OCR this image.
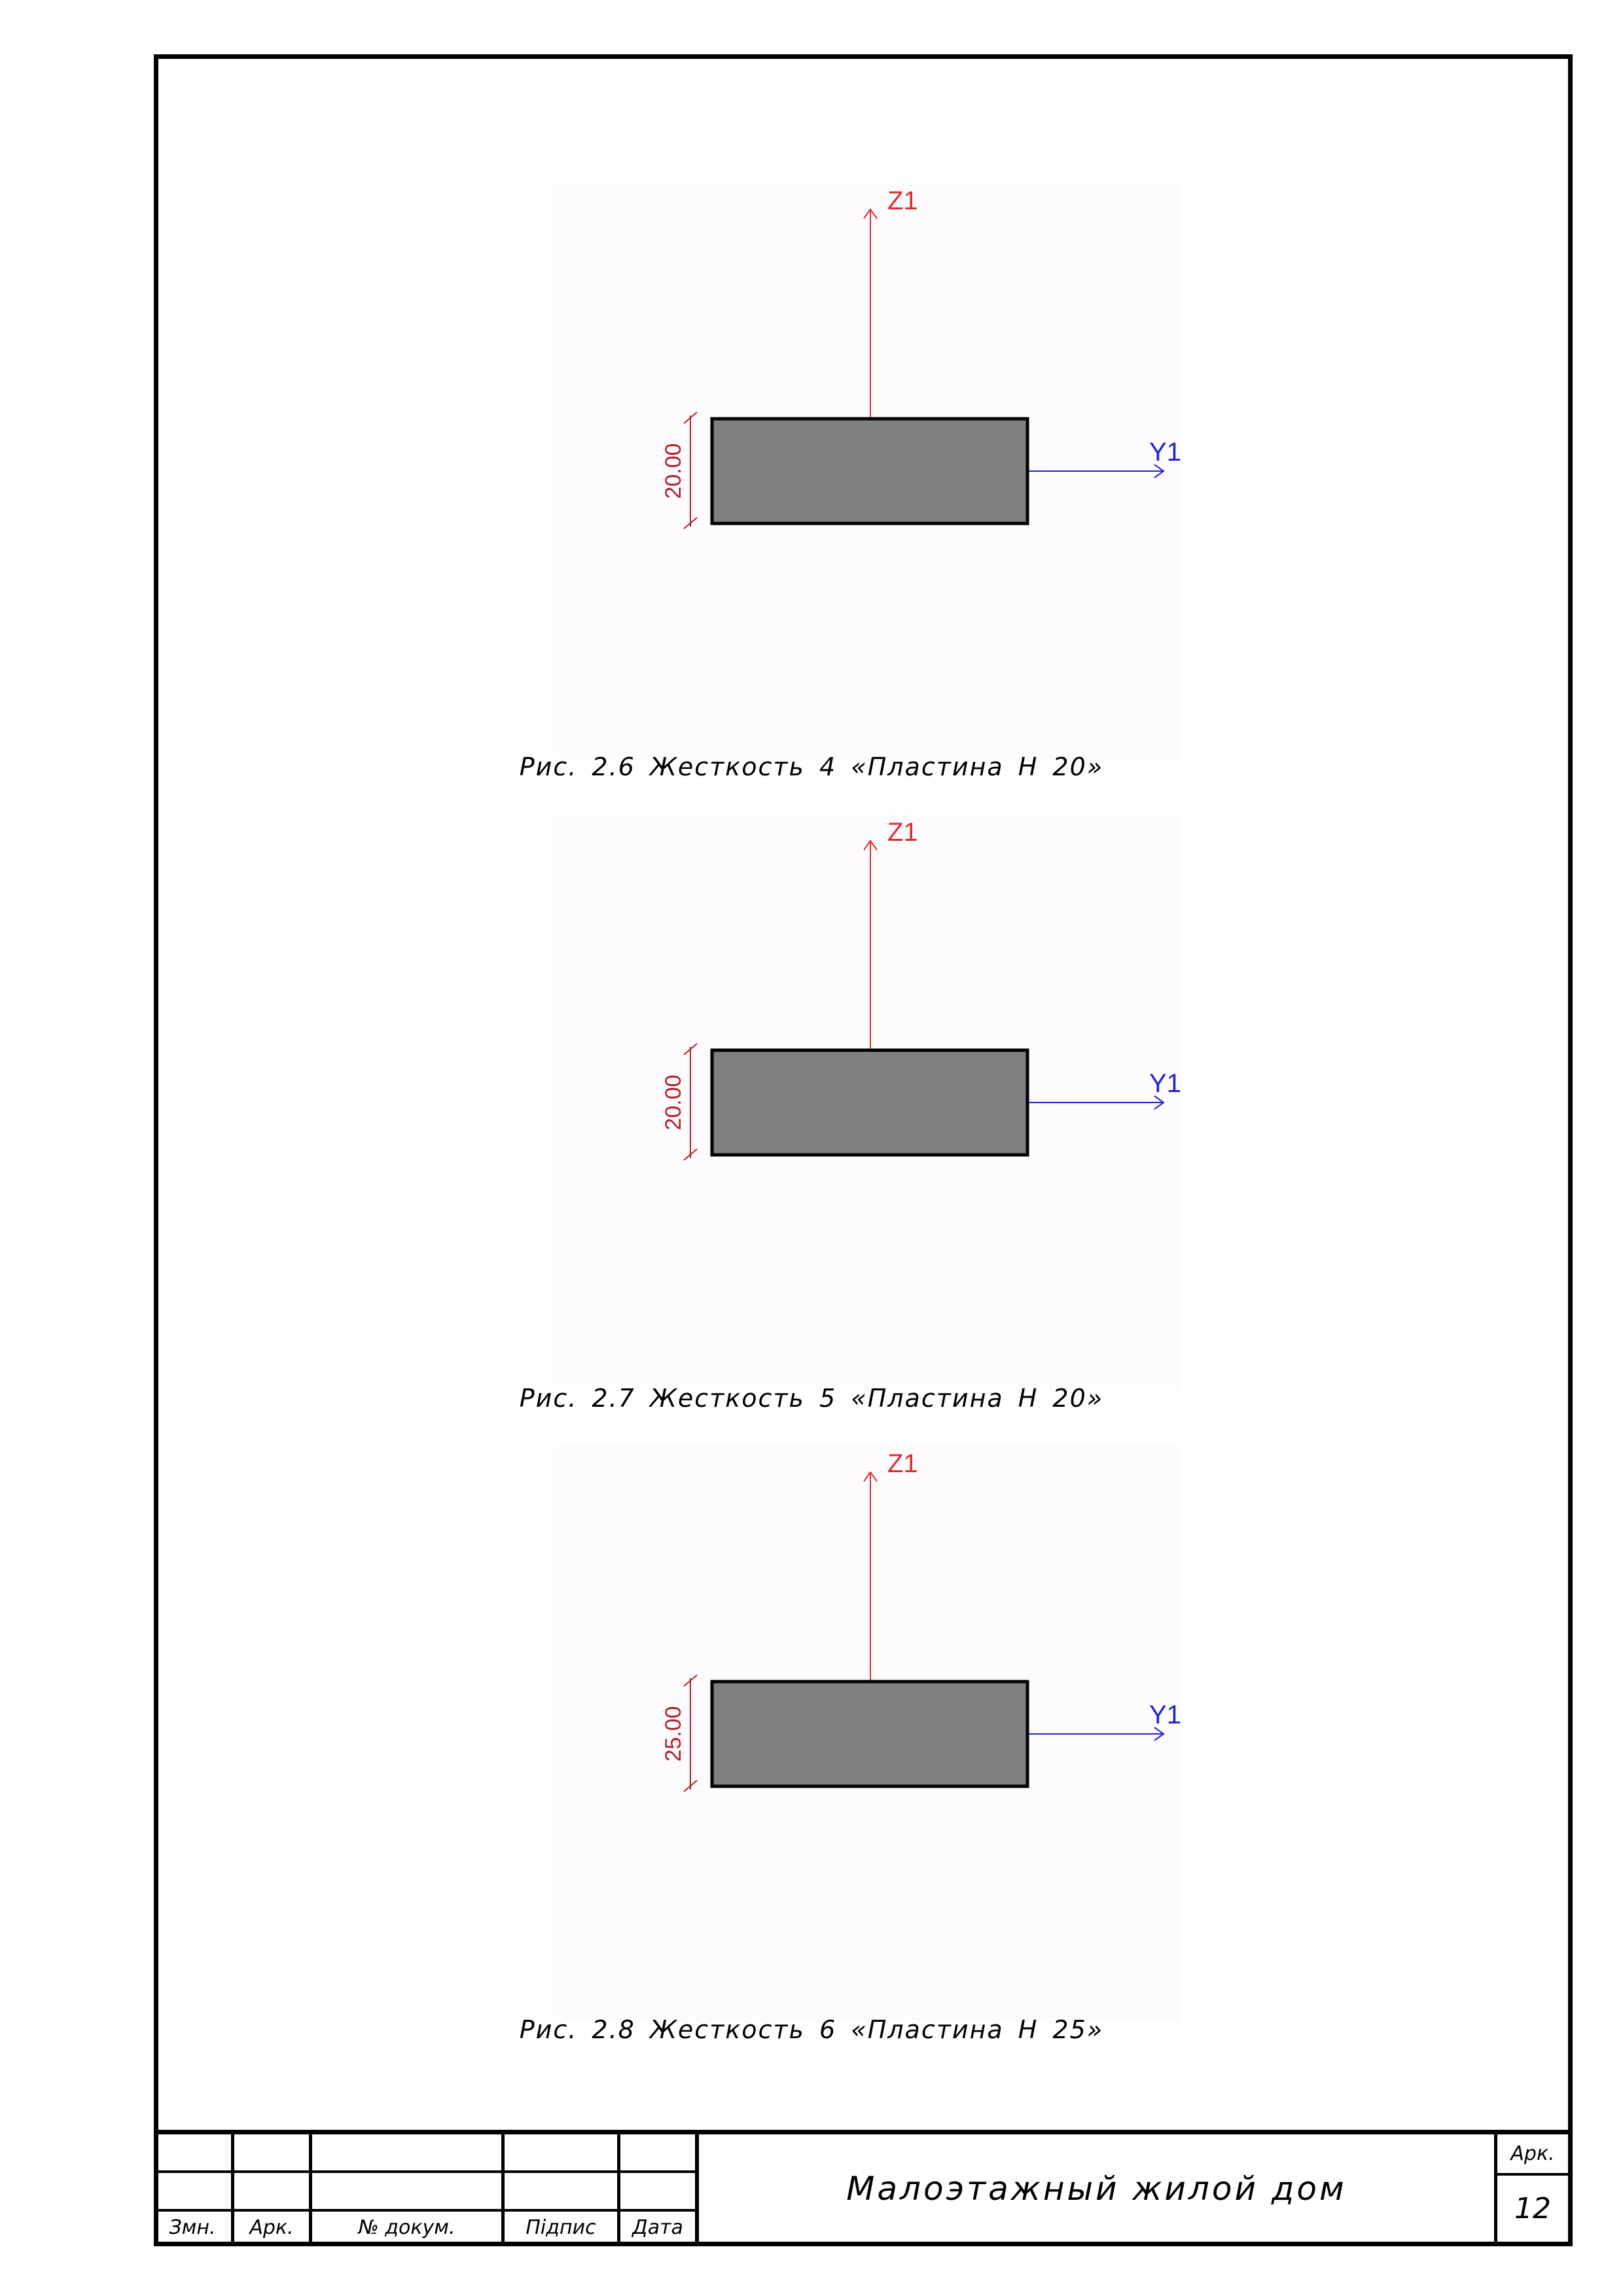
Z1
Y1
20.00
Рис. 2.6 Жесткость 4 «Пластина H 20»
Z1
Y1
20.00
Рис. 2.7 Жесткость 5 «Пластина H 20»
Z1
Y1
25.00
Рис. 2.8 Жесткость 6 «Пластина H 25»
Змн.	Арк.	№ докум.	Підпис	Дата
Малоэтажный жилой дом
Арк.
12
